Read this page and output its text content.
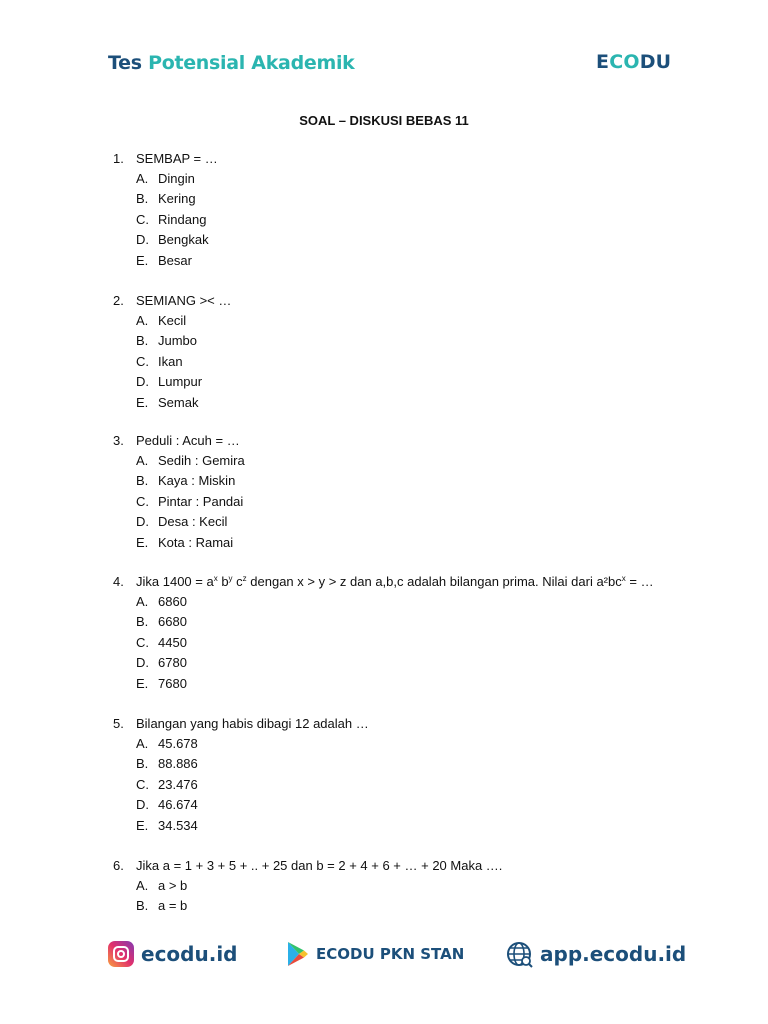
Tes Potensial Akademik	ECODU
SOAL – DISKUSI BEBAS 11
1. SEMBAP = …
A. Dingin
B. Kering
C. Rindang
D. Bengkak
E. Besar
2. SEMIANG >< …
A. Kecil
B. Jumbo
C. Ikan
D. Lumpur
E. Semak
3. Peduli : Acuh = …
A. Sedih : Gemira
B. Kaya : Miskin
C. Pintar : Pandai
D. Desa : Kecil
E. Kota : Ramai
4. Jika $1400 = a^x$ $b^y$ $c^z$ dengan x > y > z dan a,b,c adalah bilangan prima. Nilai dari $a^2bc^x$ = …
A. 6860
B. 6680
C. 4450
D. 6780
E. 7680
5. Bilangan yang habis dibagi 12 adalah …
A. 45.678
B. 88.886
C. 23.476
D. 46.674
E. 34.534
6. Jika a = 1 + 3 + 5 + .. + 25 dan b = 2 + 4 + 6 + … + 20 Maka ….
A. a > b
B. a = b
ecodu.id	ECODU PKN STAN	app.ecodu.id
